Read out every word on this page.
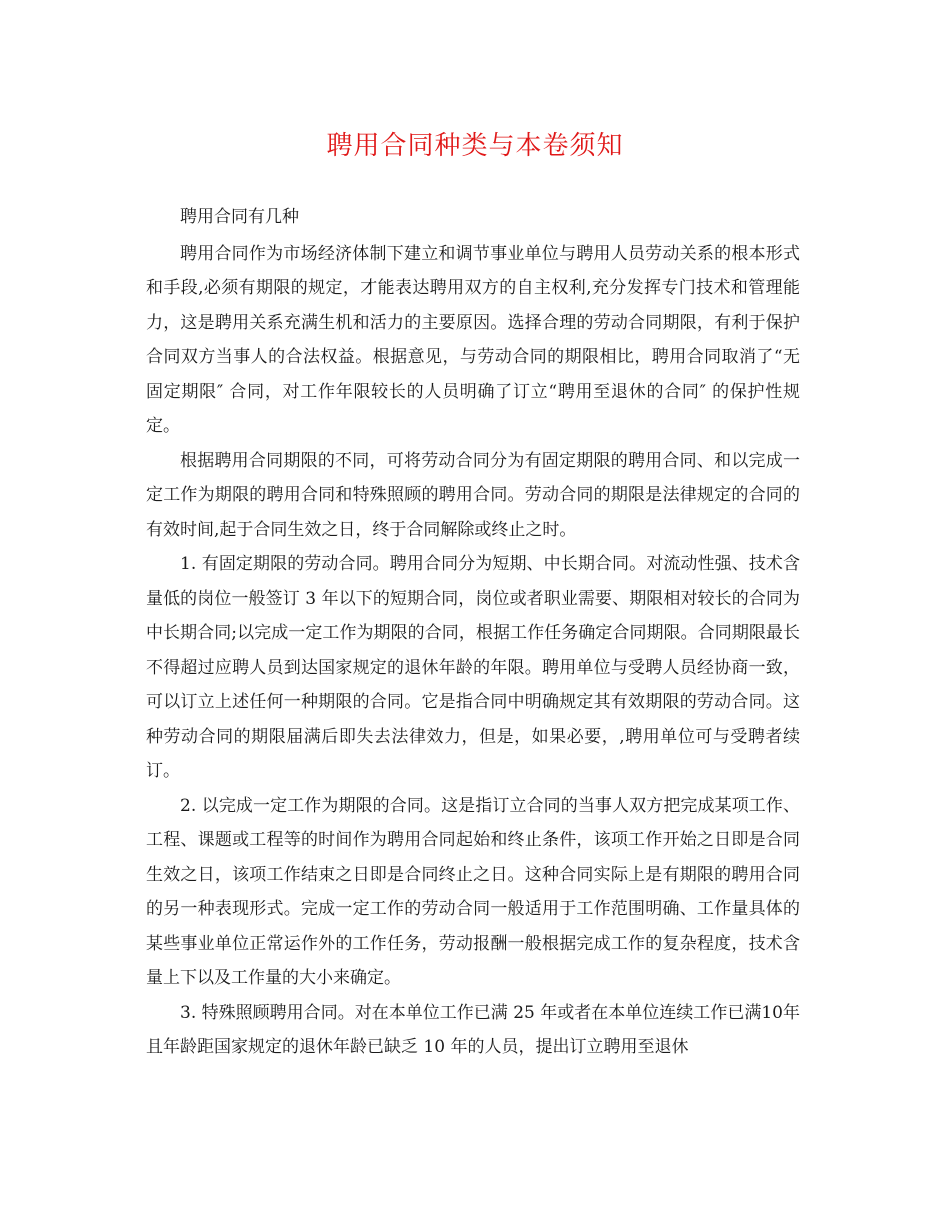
聘用合同种类与本卷须知

聘用合同有几种

聘用合同作为市场经济体制下建立和调节事业单位与聘用人员劳动关系的根本形式和手段,必须有期限的规定，才能表达聘用双方的自主权利,充分发挥专门技术和管理能力，这是聘用关系充满生机和活力的主要原因。选择合理的劳动合同期限，有利于保护合同双方当事人的合法权益。根据意见，与劳动合同的期限相比，聘用合同取消了“无固定期限″ 合同，对工作年限较长的人员明确了订立“聘用至退休的合同″ 的保护性规定。

根据聘用合同期限的不同，可将劳动合同分为有固定期限的聘用合同、和以完成一定工作为期限的聘用合同和特殊照顾的聘用合同。劳动合同的期限是法律规定的合同的有效时间,起于合同生效之日，终于合同解除或终止之时。

1. 有固定期限的劳动合同。聘用合同分为短期、中长期合同。对流动性强、技术含量低的岗位一般签订 3 年以下的短期合同，岗位或者职业需要、期限相对较长的合同为中长期合同;以完成一定工作为期限的合同，根据工作任务确定合同期限。合同期限最长不得超过应聘人员到达国家规定的退休年龄的年限。聘用单位与受聘人员经协商一致，可以订立上述任何一种期限的合同。它是指合同中明确规定其有效期限的劳动合同。这种劳动合同的期限届满后即失去法律效力，但是，如果必要，,聘用单位可与受聘者续订。

2. 以完成一定工作为期限的合同。这是指订立合同的当事人双方把完成某项工作、工程、课题或工程等的时间作为聘用合同起始和终止条件，该项工作开始之日即是合同生效之日，该项工作结束之日即是合同终止之日。这种合同实际上是有期限的聘用合同的另一种表现形式。完成一定工作的劳动合同一般适用于工作范围明确、工作量具体的某些事业单位正常运作外的工作任务，劳动报酬一般根据完成工作的复杂程度，技术含量上下以及工作量的大小来确定。

3. 特殊照顾聘用合同。对在本单位工作已满 25 年或者在本单位连续工作已满10年且年龄距国家规定的退休年龄已缺乏 10 年的人员，提出订立聘用至退休
